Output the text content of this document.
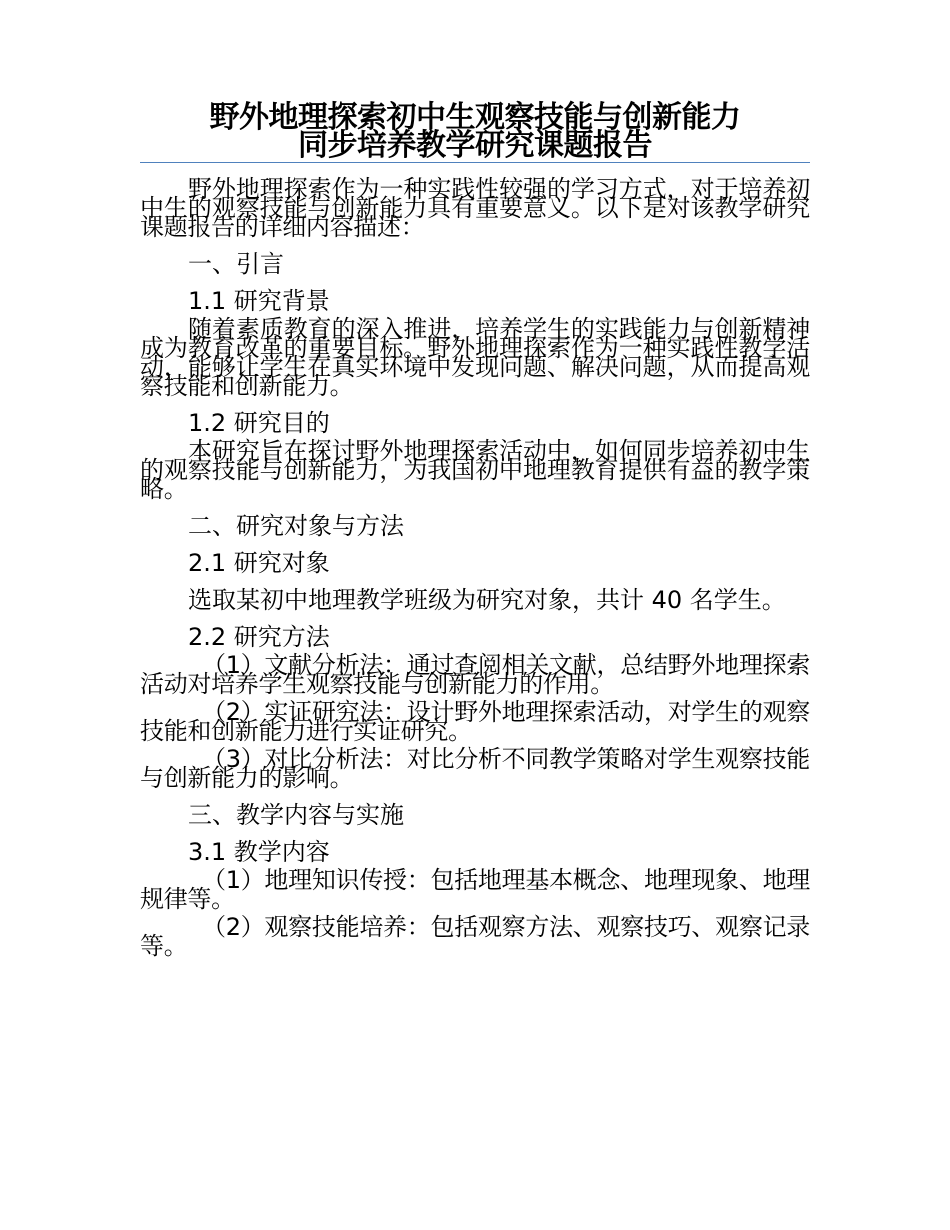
野外地理探索初中生观察技能与创新能力
同步培养教学研究课题报告

野外地理探索作为一种实践性较强的学习方式，对于培养初中生的观察技能与创新能力具有重要意义。以下是对该教学研究课题报告的详细内容描述：

一、引言
1.1 研究背景

随着素质教育的深入推进，培养学生的实践能力与创新精神成为教育改革的重要目标。野外地理探索作为一种实践性教学活动，能够让学生在真实环境中发现问题、解决问题，从而提高观察技能和创新能力。

1.2 研究目的

本研究旨在探讨野外地理探索活动中，如何同步培养初中生的观察技能与创新能力，为我国初中地理教育提供有益的教学策略。

二、研究对象与方法
2.1 研究对象
选取某初中地理教学班级为研究对象，共计 40 名学生。
2.2 研究方法

（1）文献分析法：通过查阅相关文献，总结野外地理探索活动对培养学生观察技能与创新能力的作用。

（2）实证研究法：设计野外地理探索活动，对学生的观察技能和创新能力进行实证研究。

（3）对比分析法：对比分析不同教学策略对学生观察技能与创新能力的影响。

三、教学内容与实施
3.1 教学内容

（1）地理知识传授：包括地理基本概念、地理现象、地理规律等。

（2）观察技能培养：包括观察方法、观察技巧、观察记录等。
